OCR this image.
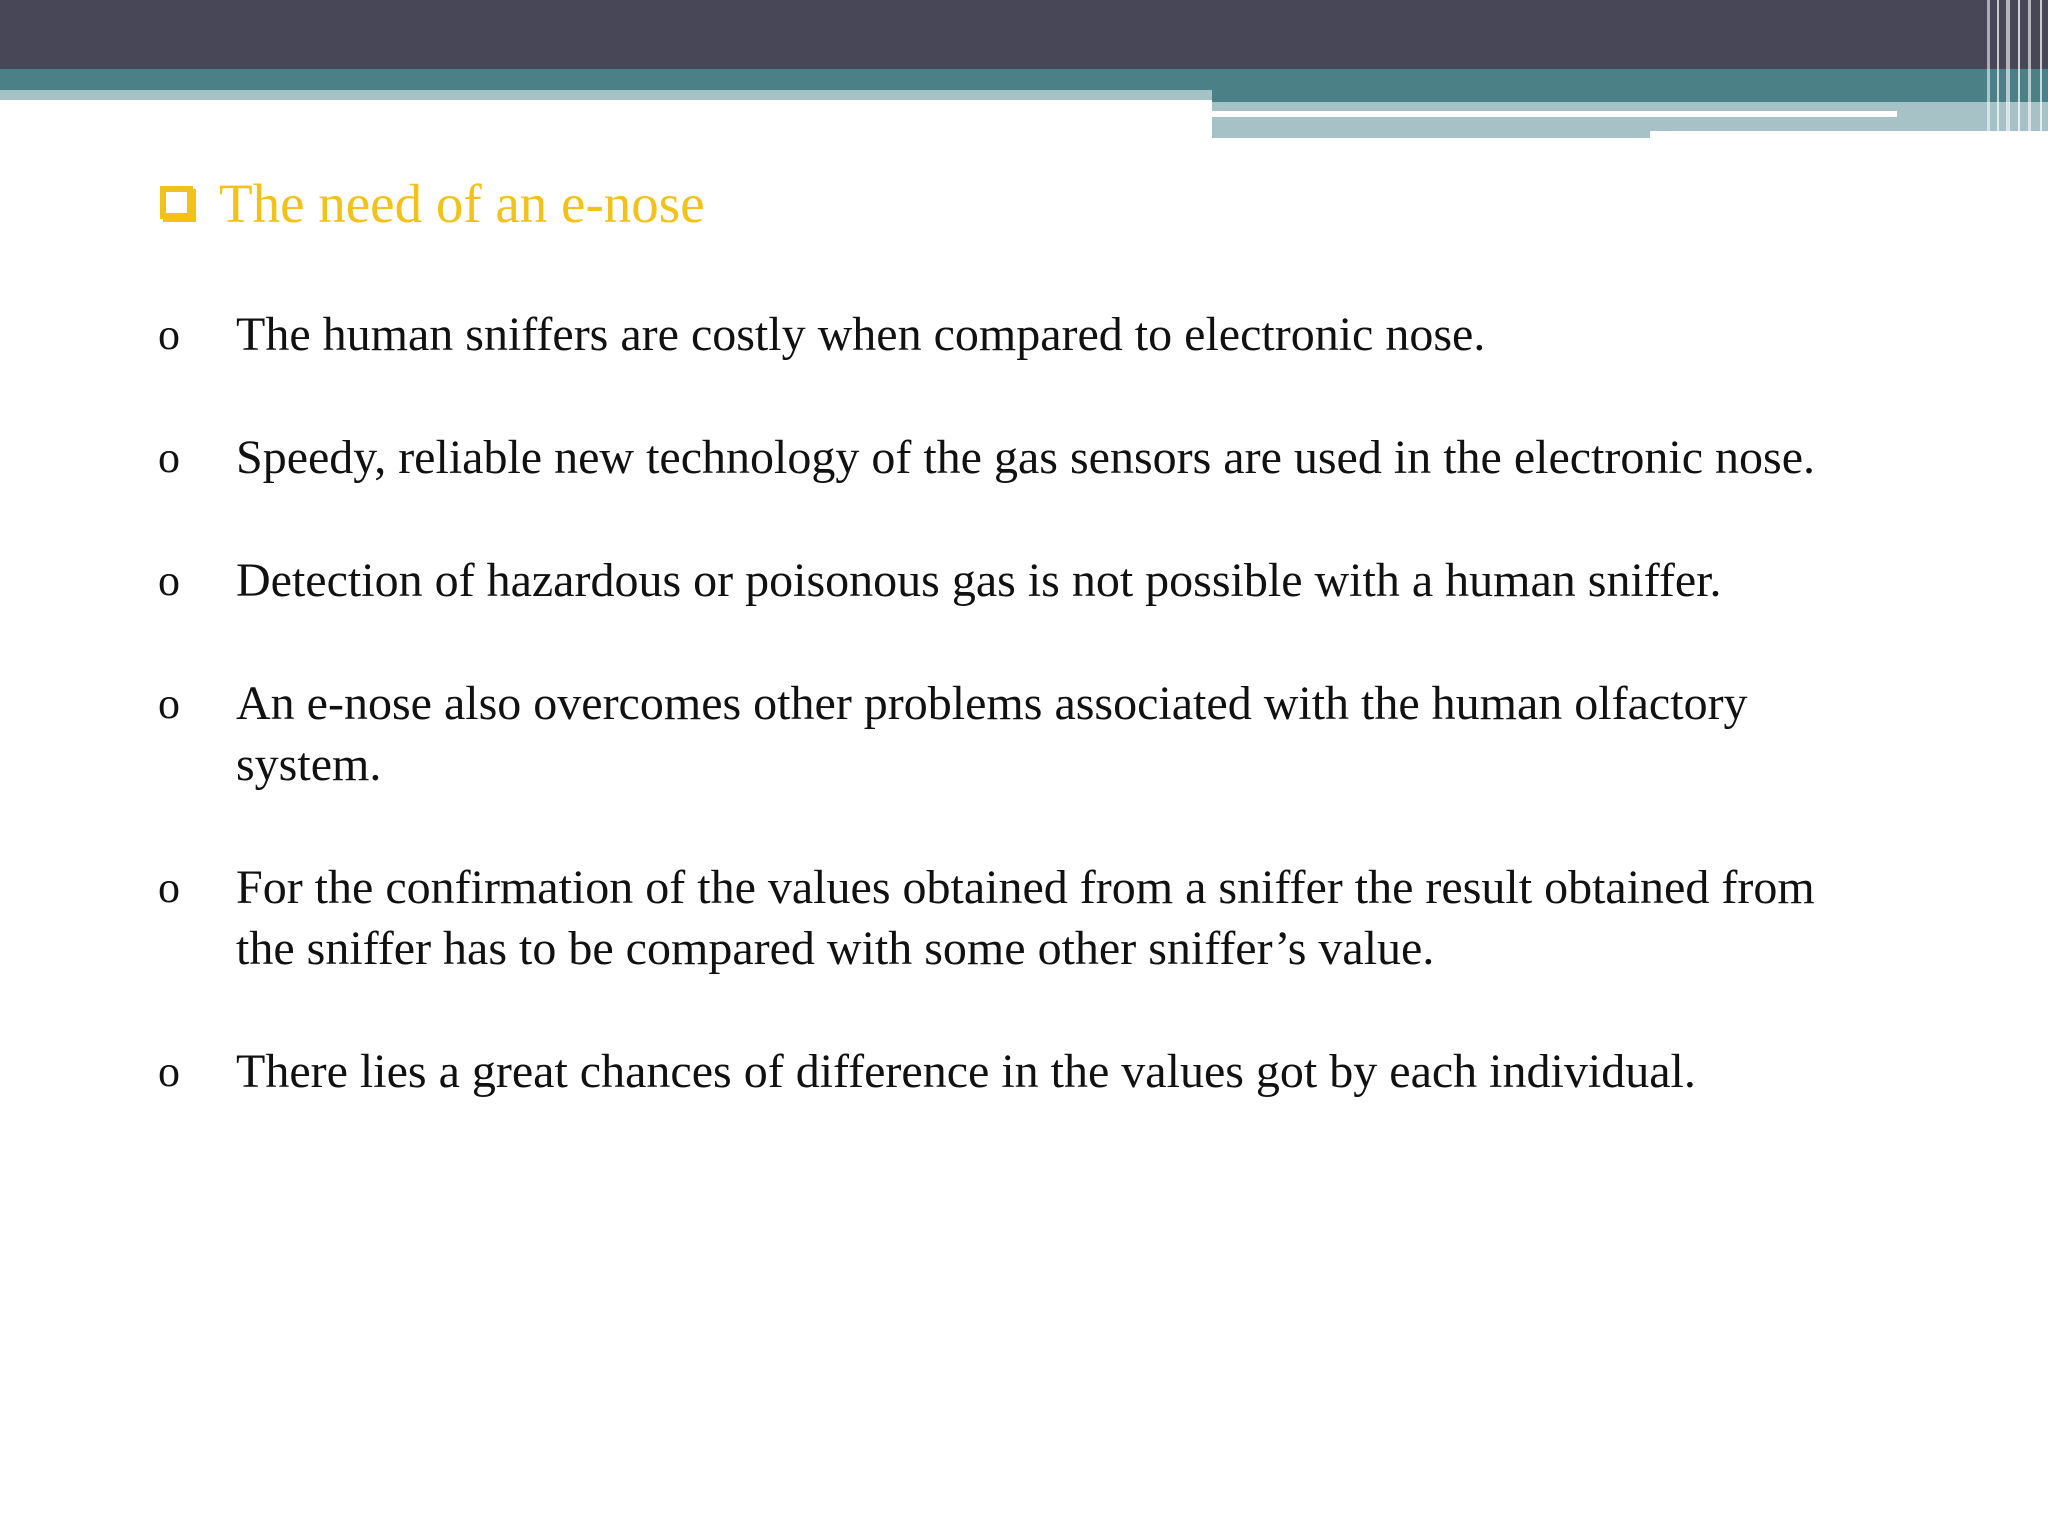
The need of an e-nose
o	The human sniffers are costly when compared to electronic nose.
o	Speedy, reliable new technology of the gas sensors are used in the electronic nose.
o	Detection of hazardous or poisonous gas is not possible with a human sniffer.
o	An e-nose also overcomes other problems associated with the human olfactory system.
o	For the confirmation of the values obtained from a sniffer the result obtained from the sniffer has to be compared with some other sniffer’s value.
o	There lies a great chances of difference in the values got by each individual.
